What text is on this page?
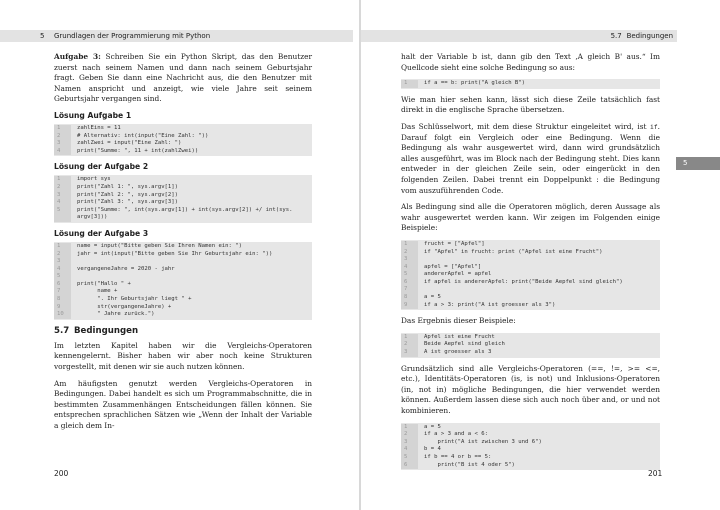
5 Grundlagen der Programmierung mit Python

Aufgabe 3: Schreiben Sie ein Python Skript, das den Benutzer zuerst nach seinem Namen und dann nach seinem Geburtsjahr fragt. Geben Sie dann eine Nachricht aus, die den Benutzer mit Namen anspricht und anzeigt, wie viele Jahre seit seinem Geburtsjahr vergangen sind.

Lösung Aufgabe 1
1	zahlEins = 11
2	# Alternativ: int(input("Eine Zahl: "))
3	zahlZwei = input("Eine Zahl: ")
4	print("Summe: ", 11 + int(zahlZwei))
Lösung der Aufgabe 2
1	import sys
2	print("Zahl 1: ", sys.argv[1])
3	print("Zahl 2: ", sys.argv[2])
4	print("Zahl 3: ", sys.argv[3])
5	print("Summe: ", int(sys.argv[1]) + int(sys.argv[2]) +/ int(sys.
argv[3]))
Lösung der Aufgabe 3
1	name = input("Bitte geben Sie Ihren Namen ein: ")
2	jahr = int(input("Bitte geben Sie Ihr Geburtsjahr ein: "))
3
4	vergangeneJahre = 2020 - jahr
5
6	print("Hallo " +
7	name +
8	". Ihr Geburtsjahr liegt " +
9	str(vergangeneJahre) +
10	" Jahre zurück.")
5.7 Bedingungen

Im letzten Kapitel haben wir die Vergleichs-Operatoren kennengelernt. Bisher haben wir aber noch keine Strukturen vorgestellt, mit denen wir sie auch nutzen können.

Am häufigsten genutzt werden Vergleichs-Operatoren in Bedingungen. Dabei handelt es sich um Programmabschnitte, die in bestimmten Zusammenhängen Entscheidungen fällen können. Sie entsprechen sprachlichen Sätzen wie „Wenn der Inhalt der Variable a gleich dem In-

200
5.7 Bedingungen

halt der Variable b ist, dann gib den Text ‚A gleich B' aus.“ Im Quellcode sieht eine solche Bedingung so aus:

1	if a == b: print("A gleich B")

Wie man hier sehen kann, lässt sich diese Zeile tatsächlich fast direkt in die englische Sprache übersetzen.

Das Schlüsselwort, mit dem diese Struktur eingeleitet wird, ist if. Darauf folgt ein Vergleich oder eine Bedingung. Wenn die Bedingung als wahr ausgewertet wird, dann wird grundsätzlich alles ausgeführt, was im Block nach der Bedingung steht. Dies kann entweder in der gleichen Zeile sein, oder eingerückt in den folgenden Zeilen. Dabei trennt ein Doppelpunkt : die Bedingung vom auszuführenden Code.

Als Bedingung sind alle die Operatoren möglich, deren Aussage als wahr ausgewertet werden kann. Wir zeigen im Folgenden einige Beispiele:

1	frucht = ["Apfel"]
2	if "Apfel" in frucht: print ("Apfel ist eine Frucht")
3
4	apfel = ["Apfel"]
5	andererApfel = apfel
6	if apfel is andererApfel: print("Beide Aepfel sind gleich")
7
8	a = 5
9	if a > 3: print("A ist groesser als 3")

Das Ergebnis dieser Beispiele:

1	Apfel ist eine Frucht
2	Beide Aepfel sind gleich
3	A ist groesser als 3

Grundsätzlich sind alle Vergleichs-Operatoren (==, !=, >= <=, etc.), Identitäts-Operatoren (is, is not) und Inklusions-Operatoren (in, not in) mögliche Bedingungen, die hier verwendet werden können. Außerdem lassen diese sich auch noch über and, or und not kombinieren.

1	a = 5
2	if a > 3 and a < 6:
3	print("A ist zwischen 3 und 6")
4	b = 4
5	if b == 4 or b == 5:
6	print("B ist 4 oder 5")
201
5
